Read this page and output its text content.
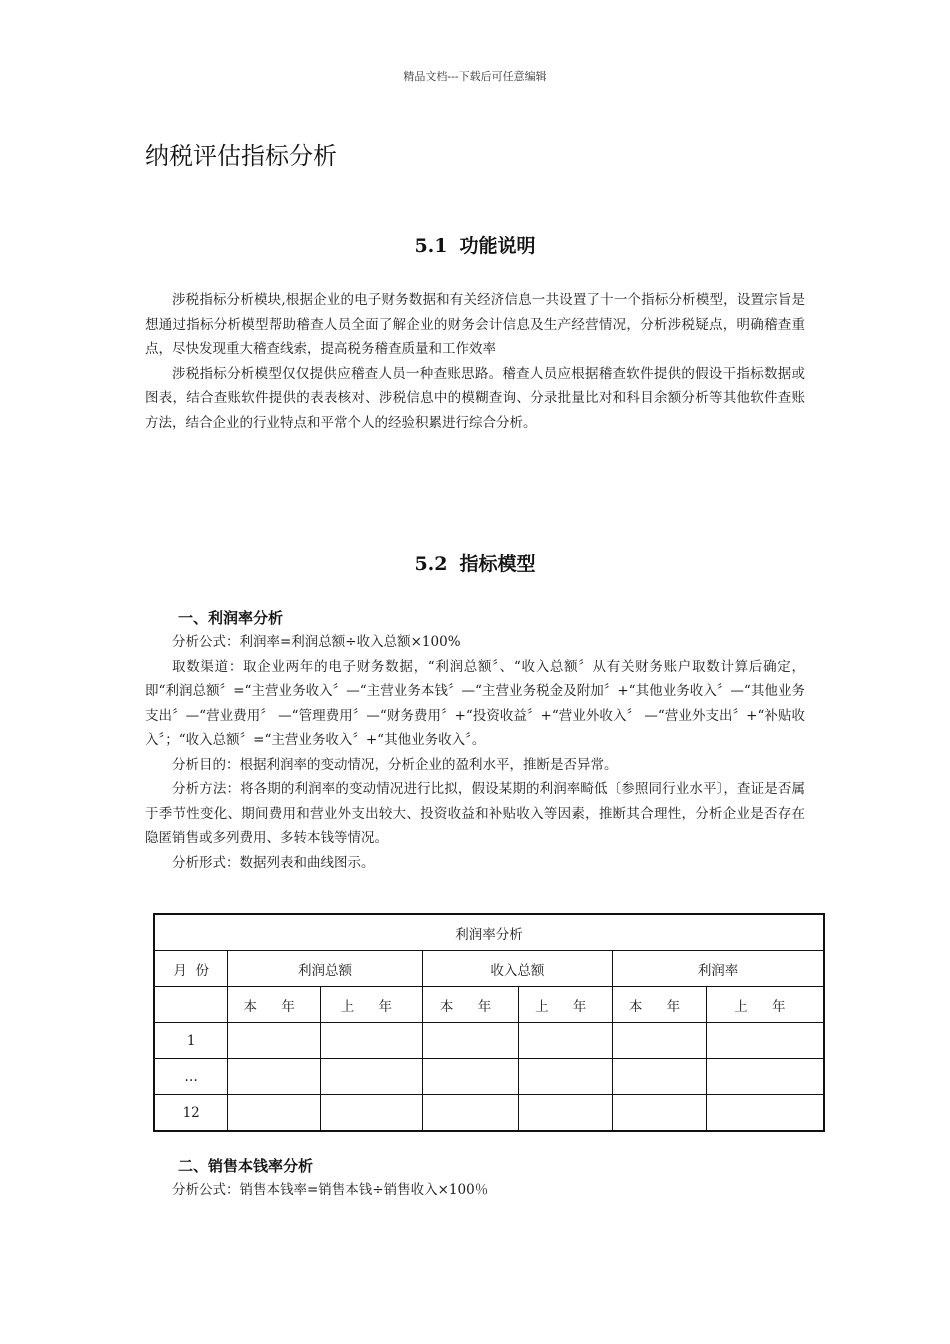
精品文档---下载后可任意编辑
纳税评估指标分析
5.1 功能说明

涉税指标分析模块,根据企业的电子财务数据和有关经济信息一共设置了十一个指标分析模型，设置宗旨是想通过指标分析模型帮助稽查人员全面了解企业的财务会计信息及生产经营情况，分析涉税疑点，明确稽查重点，尽快发现重大稽查线索，提高税务稽查质量和工作效率

涉税指标分析模型仅仅提供应稽查人员一种查账思路。稽查人员应根据稽查软件提供的假设干指标数据或图表，结合查账软件提供的表表核对、涉税信息中的模糊查询、分录批量比对和科目余额分析等其他软件查账方法，结合企业的行业特点和平常个人的经验积累进行综合分析。

5.2 指标模型
一、利润率分析

分析公式：利润率=利润总额÷收入总额×100%

取数渠道：取企业两年的电子财务数据，“利润总额〞、“收入总额〞从有关财务账户取数计算后确定，即“利润总额〞=“主营业务收入〞—“主营业务本钱〞—“主营业务税金及附加〞+“其他业务收入〞—“其他业务支出〞—“营业费用〞 —“管理费用〞—“财务费用〞+“投资收益〞+“营业外收入〞 —“营业外支出〞+“补贴收入〞；“收入总额〞=“主营业务收入〞+“其他业务收入〞。

分析目的：根据利润率的变动情况，分析企业的盈利水平，推断是否异常。

分析方法：将各期的利润率的变动情况进行比拟，假设某期的利润率畸低〔参照同行业水平〕，查证是否属于季节性变化、期间费用和营业外支出较大、投资收益和补贴收入等因素，推断其合理性，分析企业是否存在隐匿销售或多列费用、多转本钱等情况。

分析形式：数据列表和曲线图示。

利润率分析						
月  份	利润总额		收入总额		利润率	
	本 年	上 年	本 年	上 年	本 年	上 年
1						
…						
12						
二、销售本钱率分析

分析公式：销售本钱率=销售本钱÷销售收入×100％
